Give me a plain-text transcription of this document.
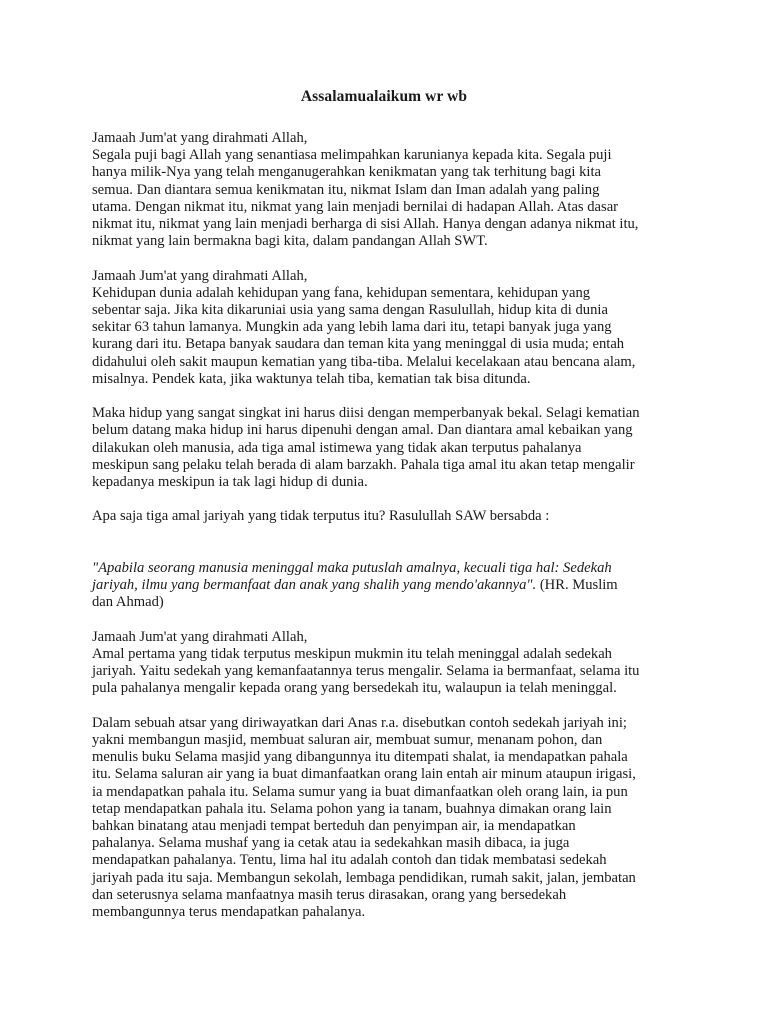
Assalamualaikum wr wb
Jamaah Jum'at yang dirahmati Allah,
Segala puji bagi Allah yang senantiasa melimpahkan karunianya kepada kita. Segala puji
hanya milik-Nya yang telah menganugerahkan kenikmatan yang tak terhitung bagi kita
semua. Dan diantara semua kenikmatan itu, nikmat Islam dan Iman adalah yang paling
utama. Dengan nikmat itu, nikmat yang lain menjadi bernilai di hadapan Allah. Atas dasar
nikmat itu, nikmat yang lain menjadi berharga di sisi Allah. Hanya dengan adanya nikmat itu,
nikmat yang lain bermakna bagi kita, dalam pandangan Allah SWT.
Jamaah Jum'at yang dirahmati Allah,
Kehidupan dunia adalah kehidupan yang fana, kehidupan sementara, kehidupan yang
sebentar saja. Jika kita dikaruniai usia yang sama dengan Rasulullah, hidup kita di dunia
sekitar 63 tahun lamanya. Mungkin ada yang lebih lama dari itu, tetapi banyak juga yang
kurang dari itu. Betapa banyak saudara dan teman kita yang meninggal di usia muda; entah
didahului oleh sakit maupun kematian yang tiba-tiba. Melalui kecelakaan atau bencana alam,
misalnya. Pendek kata, jika waktunya telah tiba, kematian tak bisa ditunda.
Maka hidup yang sangat singkat ini harus diisi dengan memperbanyak bekal. Selagi kematian
belum datang maka hidup ini harus dipenuhi dengan amal. Dan diantara amal kebaikan yang
dilakukan oleh manusia, ada tiga amal istimewa yang tidak akan terputus pahalanya
meskipun sang pelaku telah berada di alam barzakh. Pahala tiga amal itu akan tetap mengalir
kepadanya meskipun ia tak lagi hidup di dunia.
Apa saja tiga amal jariyah yang tidak terputus itu? Rasulullah SAW bersabda :
"Apabila seorang manusia meninggal maka putuslah amalnya, kecuali tiga hal: Sedekah
jariyah, ilmu yang bermanfaat dan anak yang shalih yang mendo'akannya". (HR. Muslim
dan Ahmad)
Jamaah Jum'at yang dirahmati Allah,
Amal pertama yang tidak terputus meskipun mukmin itu telah meninggal adalah sedekah
jariyah. Yaitu sedekah yang kemanfaatannya terus mengalir. Selama ia bermanfaat, selama itu
pula pahalanya mengalir kepada orang yang bersedekah itu, walaupun ia telah meninggal.
Dalam sebuah atsar yang diriwayatkan dari Anas r.a. disebutkan contoh sedekah jariyah ini;
yakni membangun masjid, membuat saluran air, membuat sumur, menanam pohon, dan
menulis buku Selama masjid yang dibangunnya itu ditempati shalat, ia mendapatkan pahala
itu. Selama saluran air yang ia buat dimanfaatkan orang lain entah air minum ataupun irigasi,
ia mendapatkan pahala itu. Selama sumur yang ia buat dimanfaatkan oleh orang lain, ia pun
tetap mendapatkan pahala itu. Selama pohon yang ia tanam, buahnya dimakan orang lain
bahkan binatang atau menjadi tempat berteduh dan penyimpan air, ia mendapatkan
pahalanya. Selama mushaf yang ia cetak atau ia sedekahkan masih dibaca, ia juga
mendapatkan pahalanya. Tentu, lima hal itu adalah contoh dan tidak membatasi sedekah
jariyah pada itu saja. Membangun sekolah, lembaga pendidikan, rumah sakit, jalan, jembatan
dan seterusnya selama manfaatnya masih terus dirasakan, orang yang bersedekah
membangunnya terus mendapatkan pahalanya.
